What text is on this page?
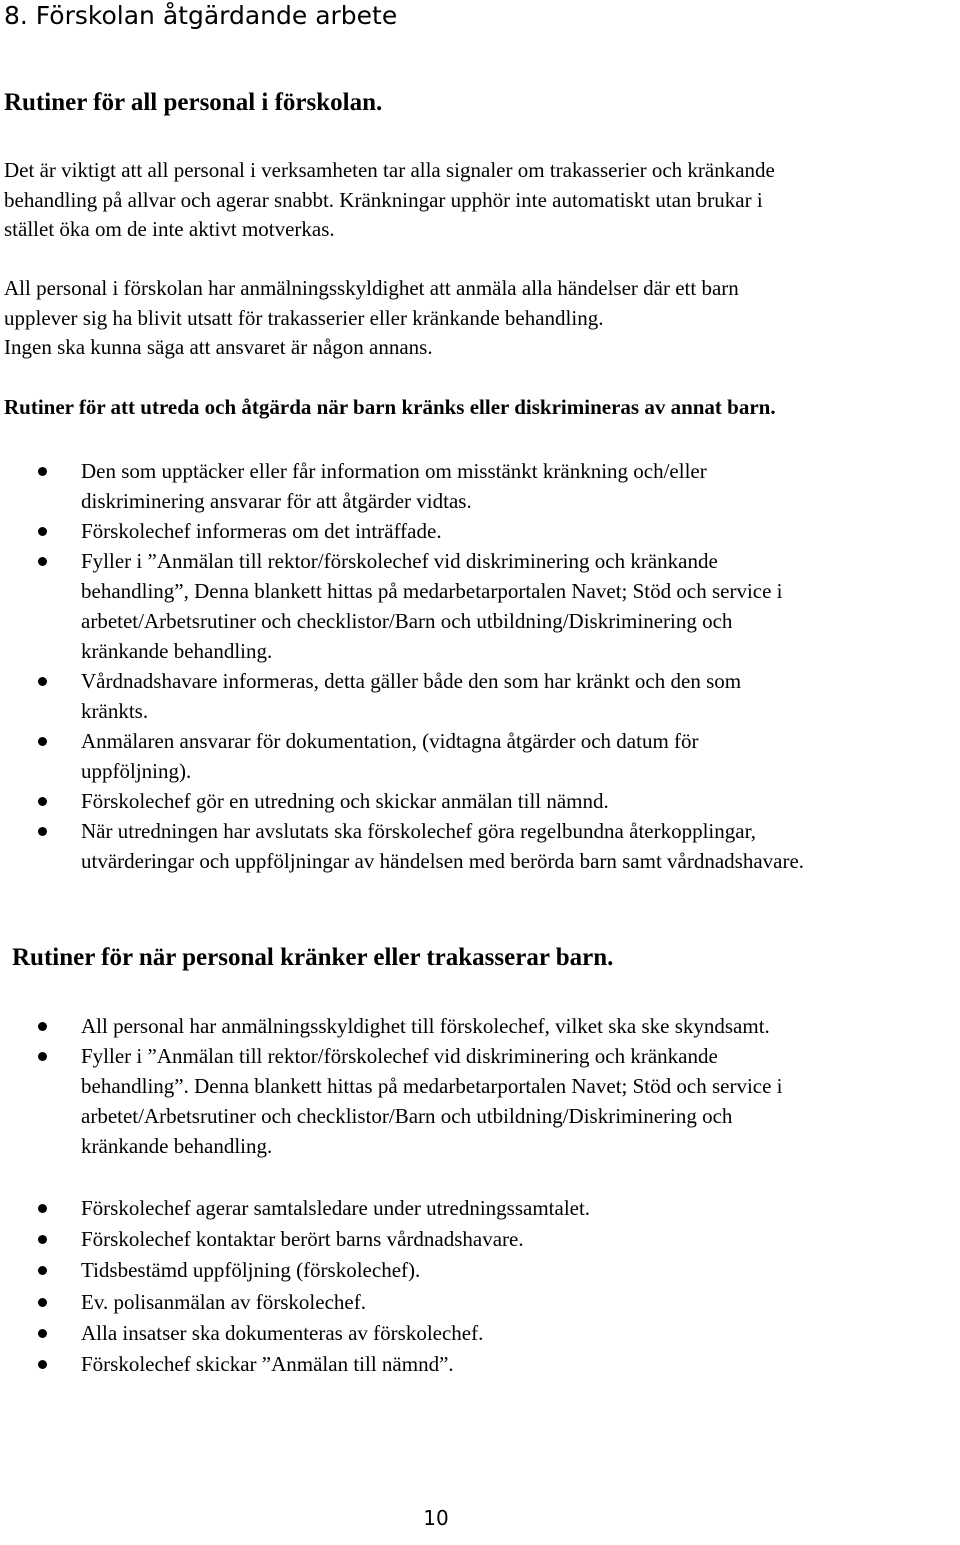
8. Förskolan åtgärdande arbete
Rutiner för all personal i förskolan.

Det är viktigt att all personal i verksamheten tar alla signaler om trakasserier och kränkande
behandling på allvar och agerar snabbt. Kränkningar upphör inte automatiskt utan brukar i
stället öka om de inte aktivt motverkas.

All personal i förskolan har anmälningsskyldighet att anmäla alla händelser där ett barn
upplever sig ha blivit utsatt för trakasserier eller kränkande behandling.
Ingen ska kunna säga att ansvaret är någon annans.

Rutiner för att utreda och åtgärda när barn kränks eller diskrimineras av annat barn.
Den som upptäcker eller får information om misstänkt kränkning och/eller
diskriminering ansvarar för att åtgärder vidtas.
Förskolechef informeras om det inträffade.
Fyller i ”Anmälan till rektor/förskolechef vid diskriminering och kränkande
behandling”, Denna blankett hittas på medarbetarportalen Navet; Stöd och service i
arbetet/Arbetsrutiner och checklistor/Barn och utbildning/Diskriminering och
kränkande behandling.
Vårdnadshavare informeras, detta gäller både den som har kränkt och den som
kränkts.
Anmälaren ansvarar för dokumentation, (vidtagna åtgärder och datum för
uppföljning).
Förskolechef gör en utredning och skickar anmälan till nämnd.
När utredningen har avslutats ska förskolechef göra regelbundna återkopplingar,
utvärderingar och uppföljningar av händelsen med berörda barn samt vårdnadshavare.
Rutiner för när personal kränker eller trakasserar barn.
All personal har anmälningsskyldighet till förskolechef, vilket ska ske skyndsamt.
Fyller i ”Anmälan till rektor/förskolechef vid diskriminering och kränkande
behandling”. Denna blankett hittas på medarbetarportalen Navet; Stöd och service i
arbetet/Arbetsrutiner och checklistor/Barn och utbildning/Diskriminering och
kränkande behandling.
Förskolechef agerar samtalsledare under utredningssamtalet.
Förskolechef kontaktar berört barns vårdnadshavare.
Tidsbestämd uppföljning (förskolechef).
Ev. polisanmälan av förskolechef.
Alla insatser ska dokumenteras av förskolechef.
Förskolechef skickar ”Anmälan till nämnd”.
10
